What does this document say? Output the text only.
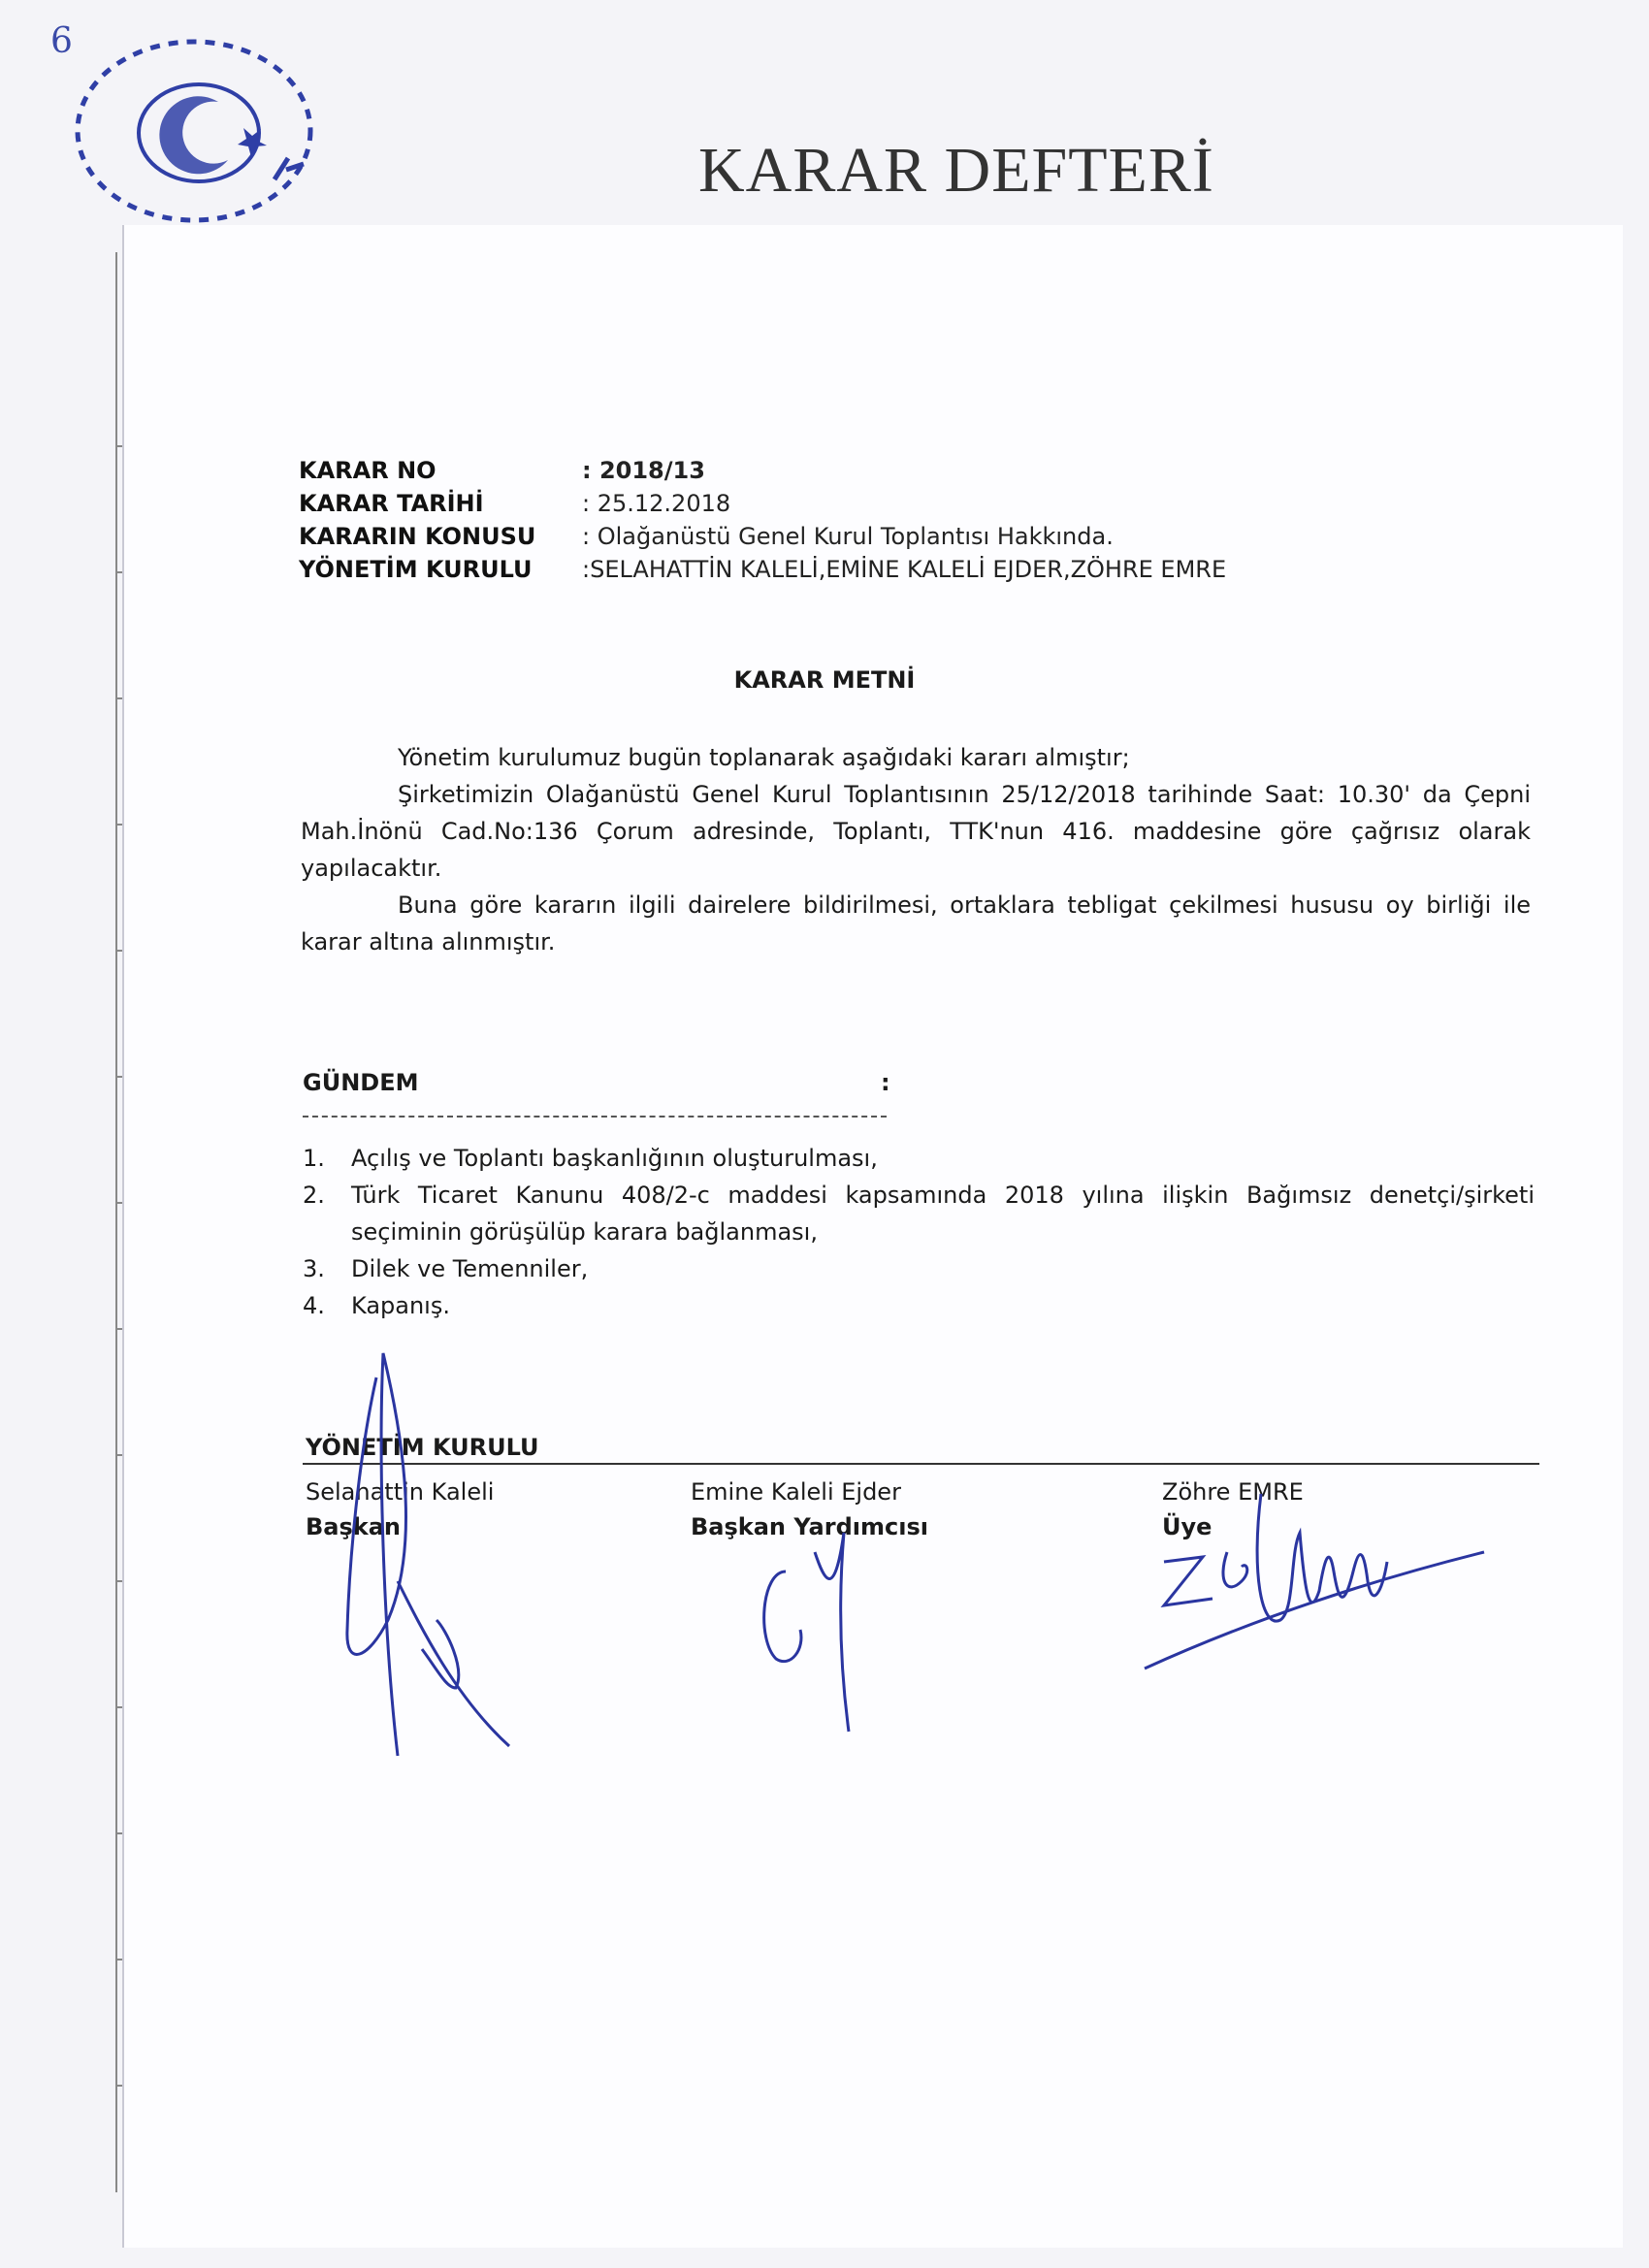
6
KARAR DEFTERİ
KARAR NO	: 2018/13
KARAR TARİHİ	: 25.12.2018
KARARIN KONUSU	: Olağanüstü Genel Kurul Toplantısı Hakkında.
YÖNETİM KURULU	:SELAHATTİN KALELİ,EMİNE KALELİ EJDER,ZÖHRE EMRE
KARAR METNİ

Yönetim kurulumuz bugün toplanarak aşağıdaki kararı almıştır;

Şirketimizin Olağanüstü Genel Kurul Toplantısının 25/12/2018 tarihinde Saat: 10.30' da Çepni Mah.İnönü Cad.No:136 Çorum adresinde, Toplantı, TTK'nun 416. maddesine göre çağrısız olarak yapılacaktır.

Buna göre kararın ilgili dairelere bildirilmesi, ortaklara tebligat çekilmesi hususu oy birliği ile karar altına alınmıştır.

GÜNDEM	:
1.	Açılış ve Toplantı başkanlığının oluşturulması,
2.	Türk Ticaret Kanunu 408/2-c maddesi kapsamında 2018 yılına ilişkin Bağımsız denetçi/şirketi seçiminin görüşülüp karara bağlanması,
3.	Dilek ve Temenniler,
4.	Kapanış.
YÖNETİM KURULU
Selahattin Kaleli
Başkan
Emine Kaleli Ejder
Başkan Yardımcısı
Zöhre EMRE
Üye
